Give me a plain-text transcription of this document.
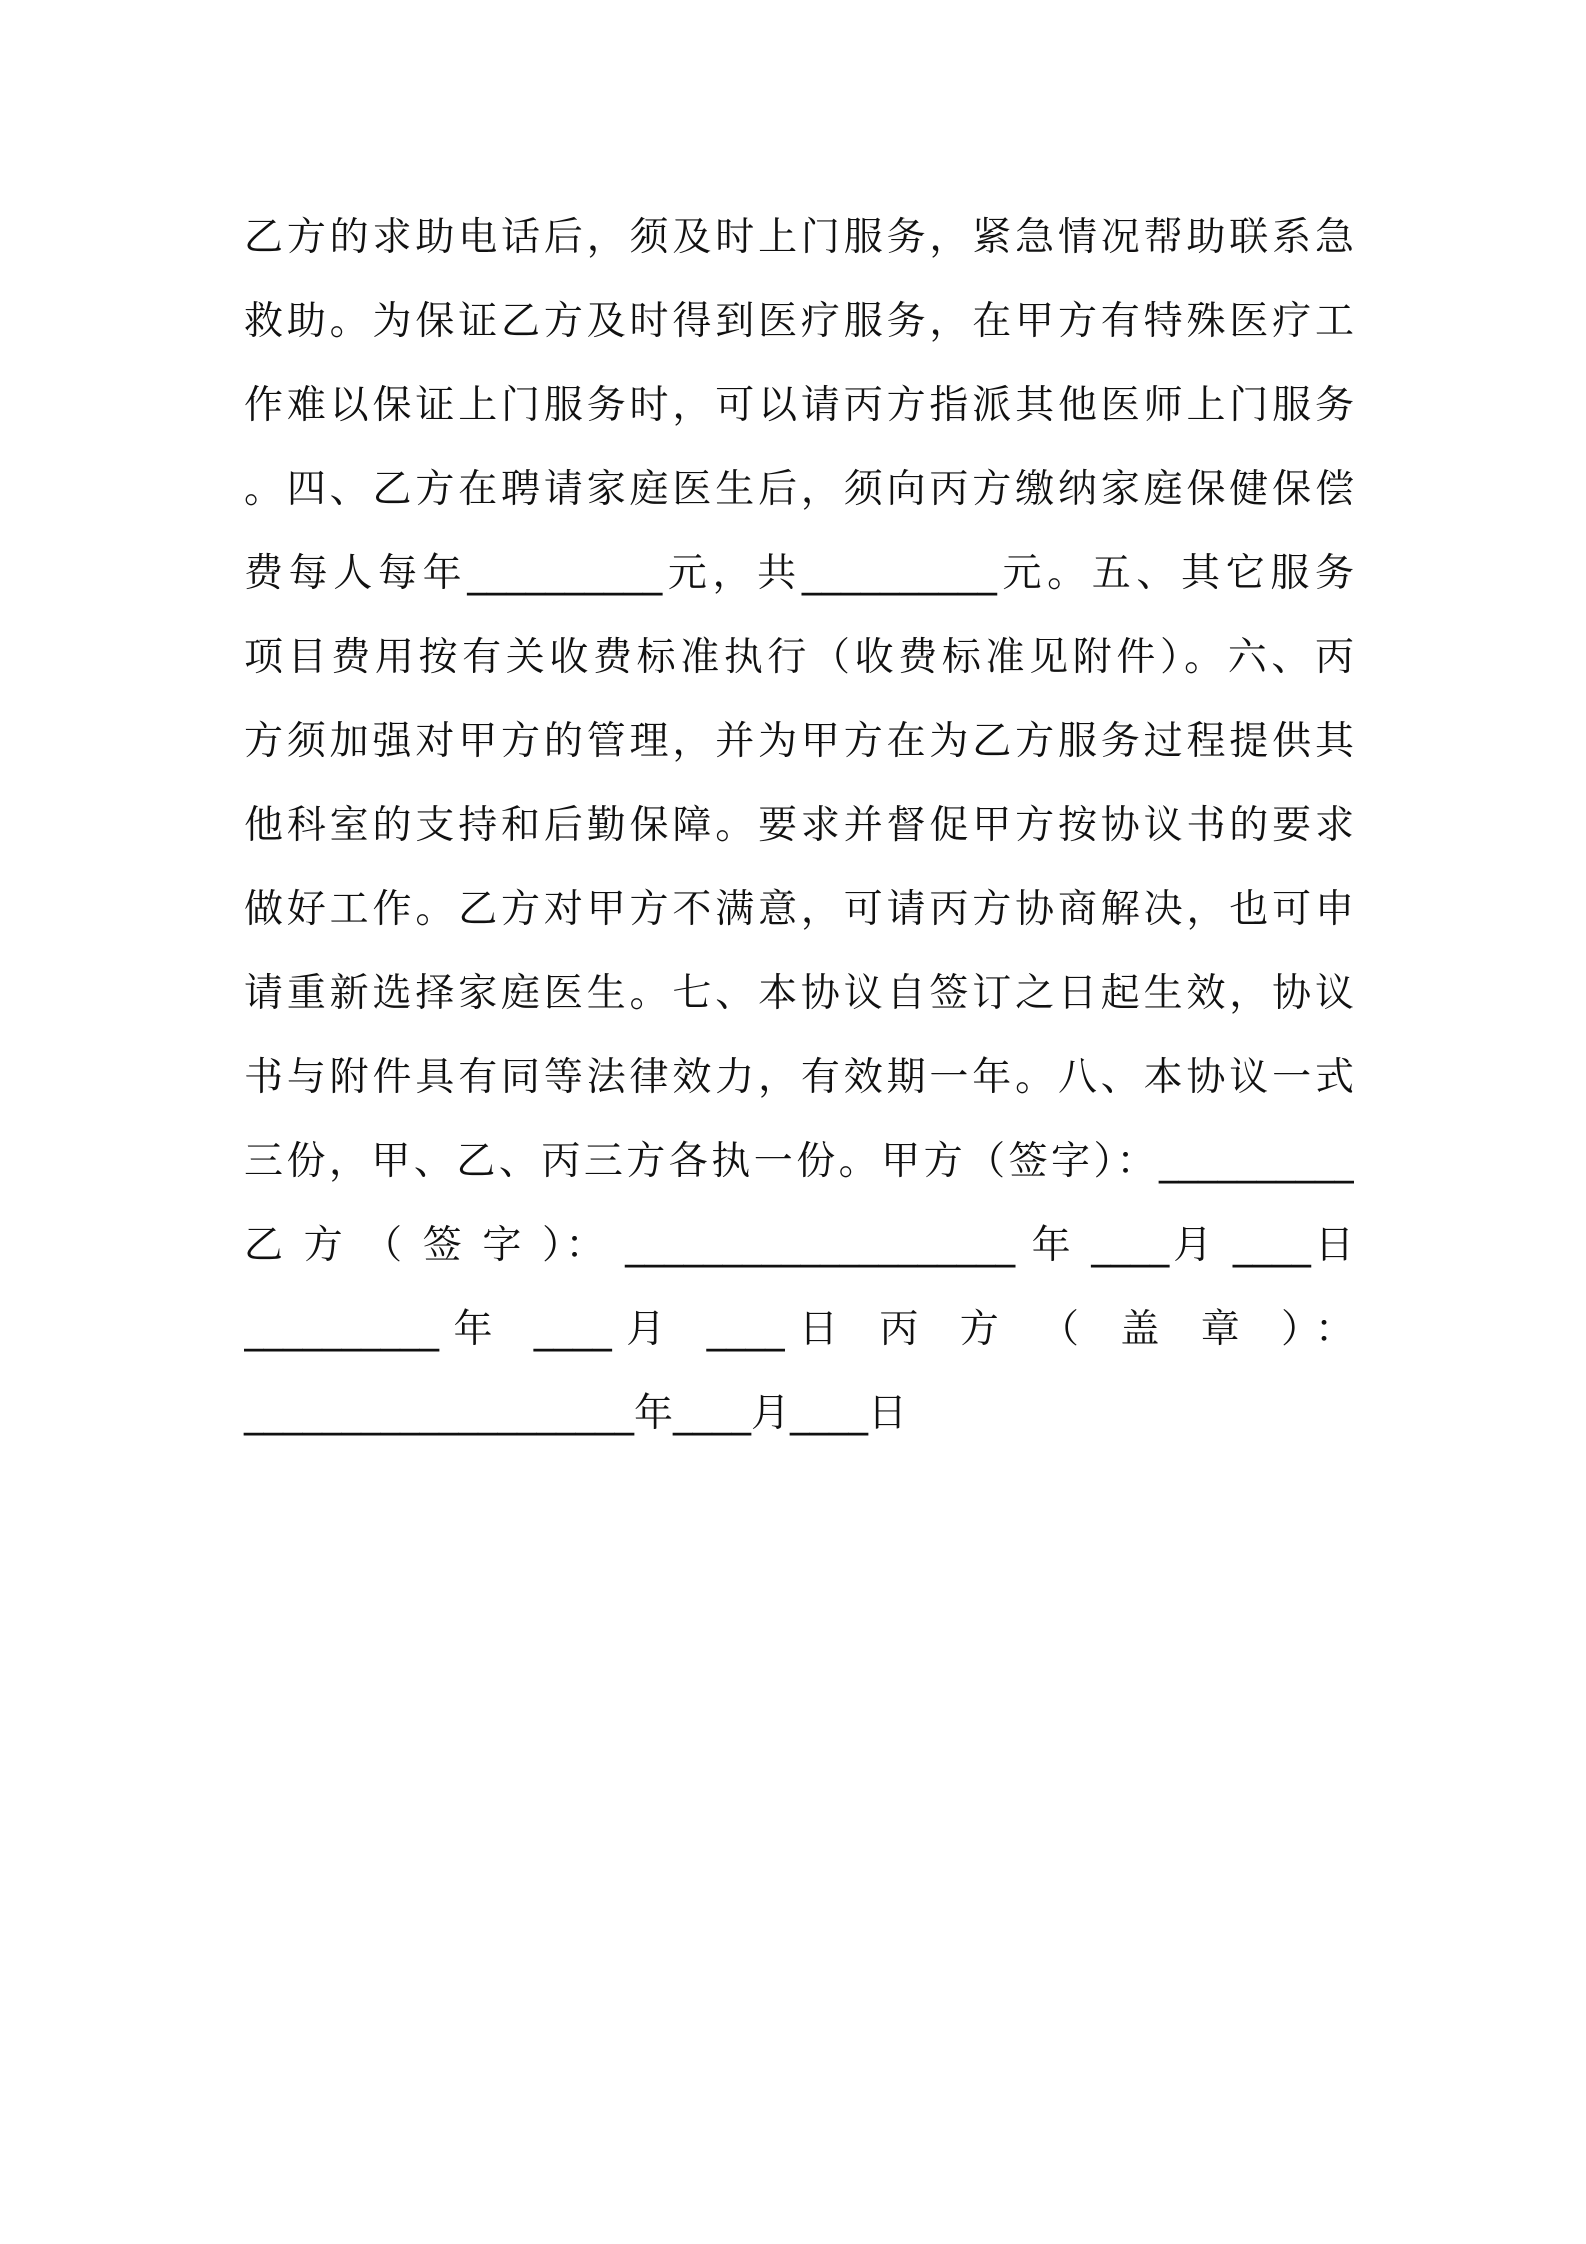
乙方的求助电话后，须及时上门服务，紧急情况帮助联系急
救助。为保证乙方及时得到医疗服务，在甲方有特殊医疗工
作难以保证上门服务时，可以请丙方指派其他医师上门服务
。四、乙方在聘请家庭医生后，须向丙方缴纳家庭保健保偿
费每人每年__________元，共__________元。五、其它服务
项目费用按有关收费标准执行（收费标准见附件）。六、丙
方须加强对甲方的管理，并为甲方在为乙方服务过程提供其
他科室的支持和后勤保障。要求并督促甲方按协议书的要求
做好工作。乙方对甲方不满意，可请丙方协商解决，也可申
请重新选择家庭医生。七、本协议自签订之日起生效，协议
书与附件具有同等法律效力，有效期一年。八、本协议一式
三份，甲、乙、丙三方各执一份。甲方（签字）：__________
乙 方 （ 签 字 ）： ____________________ 年 ____月 ____日
__________年 ____月 ____日 丙 方 （ 盖 章 ）：
____________________年____月____日
